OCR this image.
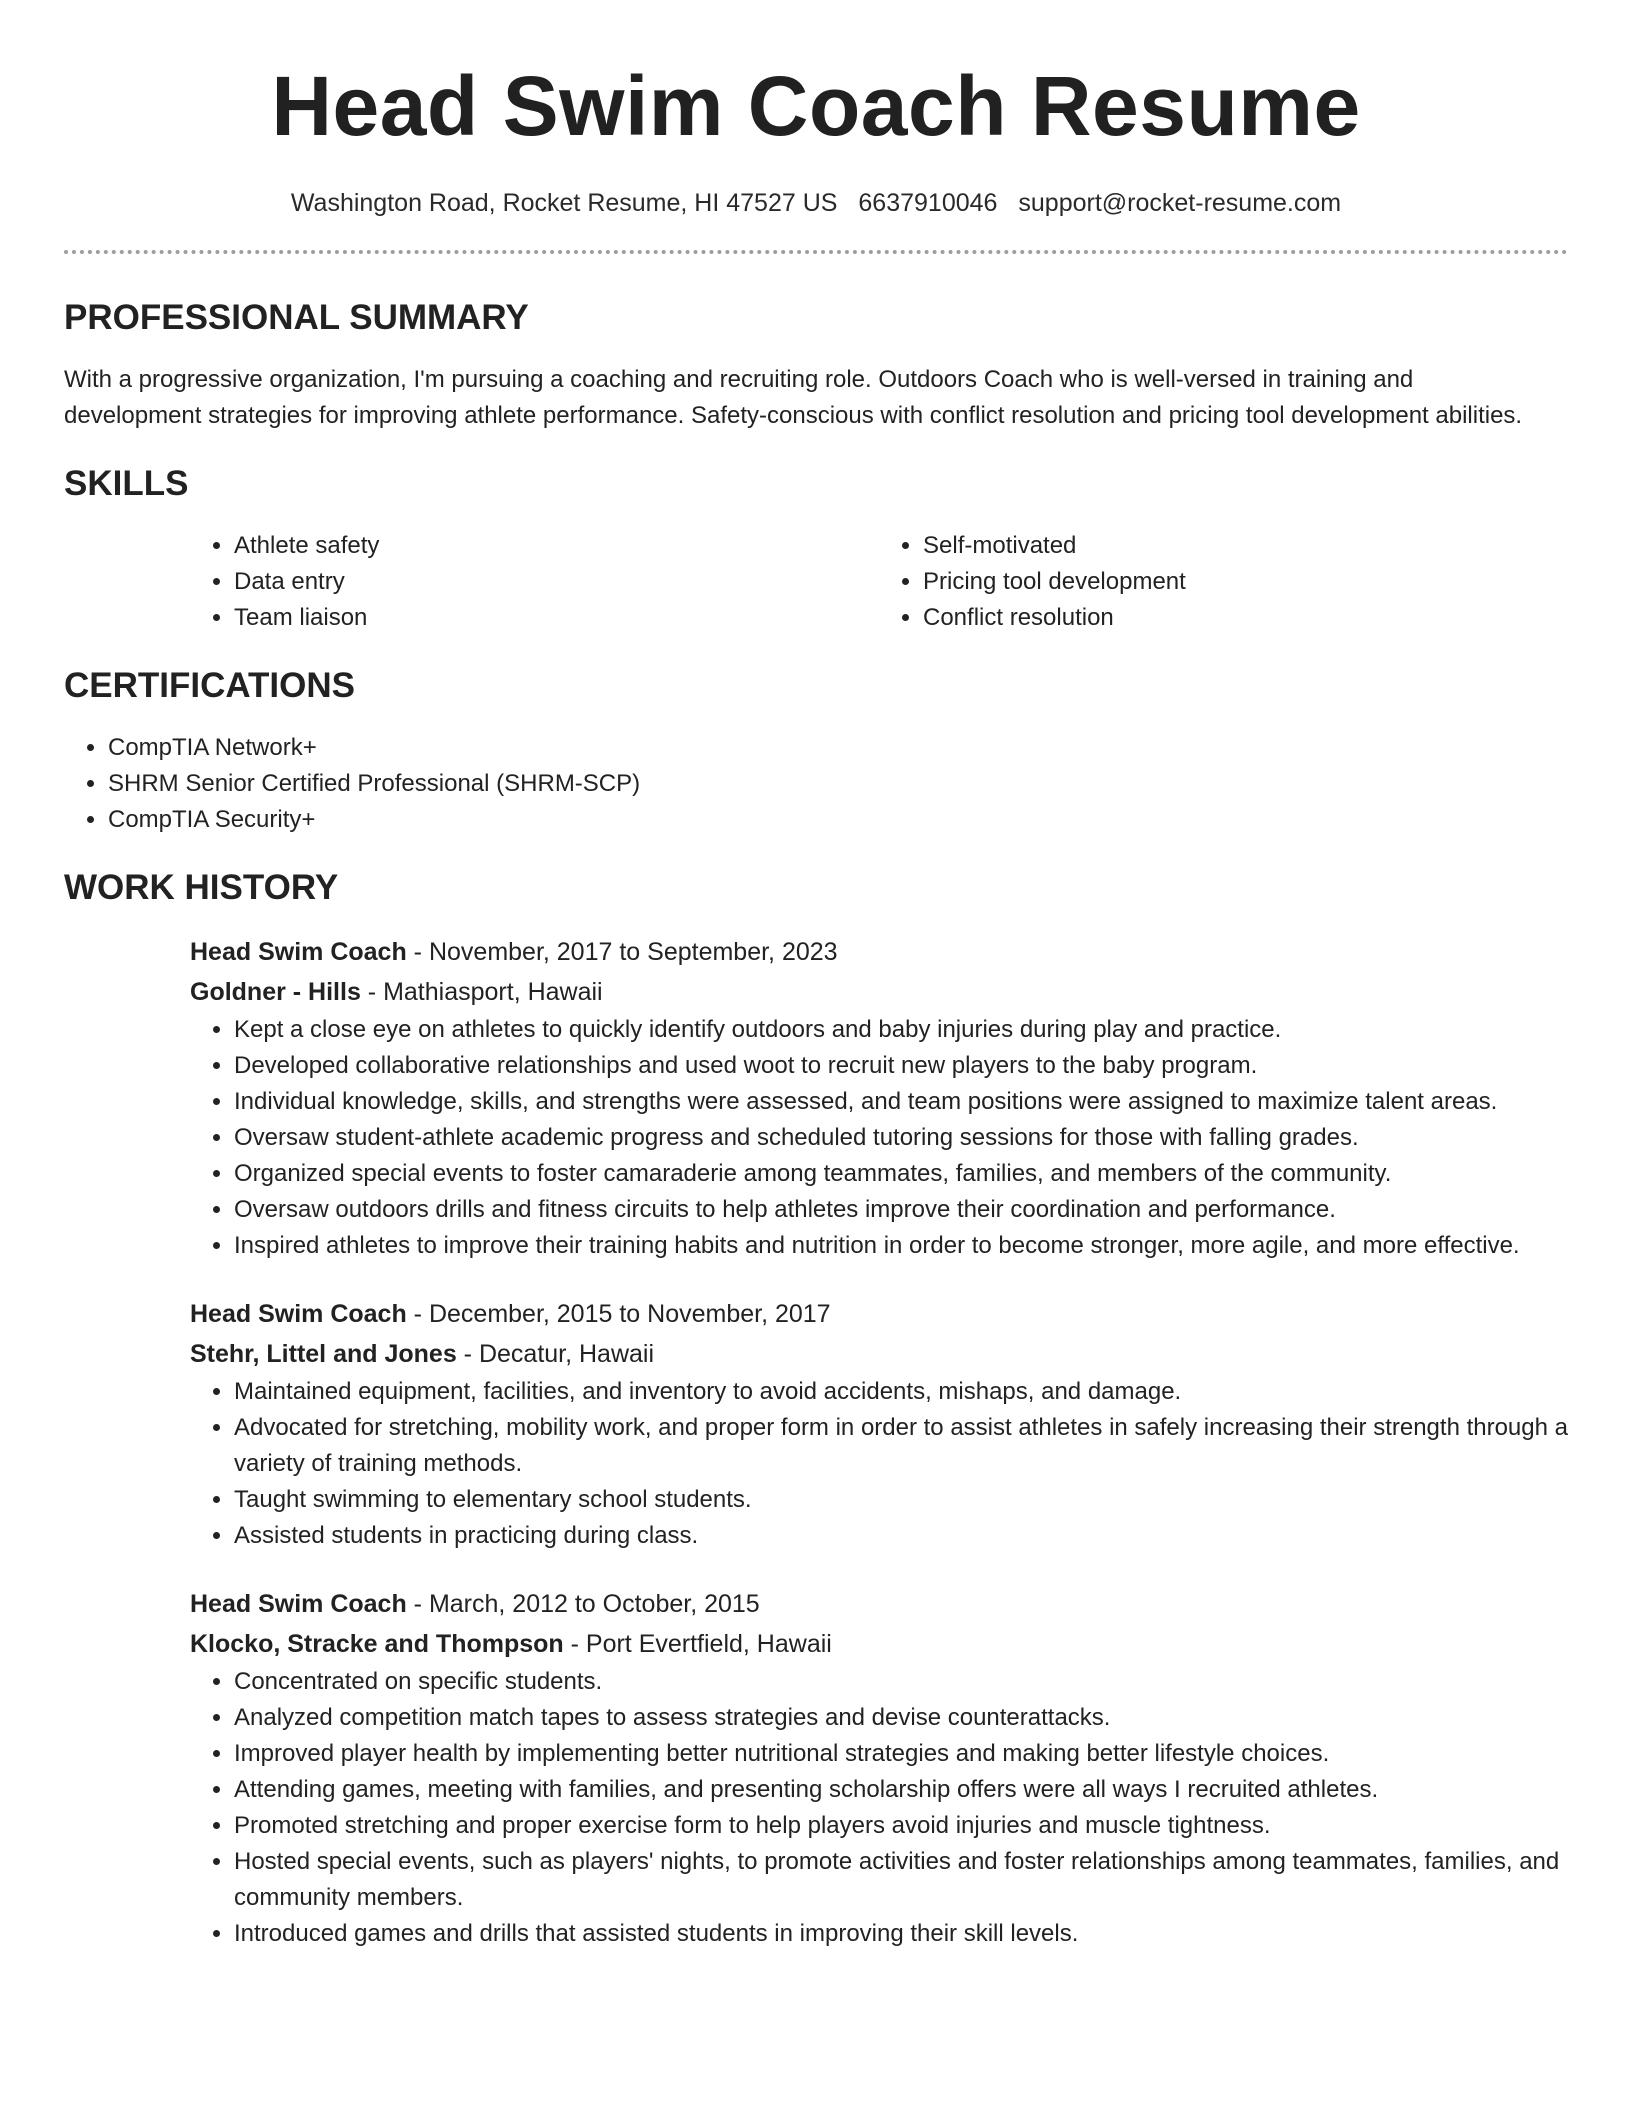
Head Swim Coach Resume
Washington Road, Rocket Resume, HI 47527 US 6637910046 support@rocket-resume.com
PROFESSIONAL SUMMARY

With a progressive organization, I'm pursuing a coaching and recruiting role. Outdoors Coach who is well-versed in training and development strategies for improving athlete performance. Safety-conscious with conflict resolution and pricing tool development abilities.

SKILLS
• Athlete safety
• Data entry
• Team liaison
• Self-motivated
• Pricing tool development
• Conflict resolution
CERTIFICATIONS
• CompTIA Network+
• SHRM Senior Certified Professional (SHRM-SCP)
• CompTIA Security+
WORK HISTORY

Head Swim Coach - November, 2017 to September, 2023

Goldner - Hills - Mathiasport, Hawaii

• Kept a close eye on athletes to quickly identify outdoors and baby injuries during play and practice.
• Developed collaborative relationships and used woot to recruit new players to the baby program.
• Individual knowledge, skills, and strengths were assessed, and team positions were assigned to maximize talent areas.
• Oversaw student-athlete academic progress and scheduled tutoring sessions for those with falling grades.
• Organized special events to foster camaraderie among teammates, families, and members of the community.
• Oversaw outdoors drills and fitness circuits to help athletes improve their coordination and performance.
• Inspired athletes to improve their training habits and nutrition in order to become stronger, more agile, and more effective.

Head Swim Coach - December, 2015 to November, 2017

Stehr, Littel and Jones - Decatur, Hawaii

• Maintained equipment, facilities, and inventory to avoid accidents, mishaps, and damage.
• Advocated for stretching, mobility work, and proper form in order to assist athletes in safely increasing their strength through a variety of training methods.
• Taught swimming to elementary school students.
• Assisted students in practicing during class.

Head Swim Coach - March, 2012 to October, 2015

Klocko, Stracke and Thompson - Port Evertfield, Hawaii

• Concentrated on specific students.
• Analyzed competition match tapes to assess strategies and devise counterattacks.
• Improved player health by implementing better nutritional strategies and making better lifestyle choices.
• Attending games, meeting with families, and presenting scholarship offers were all ways I recruited athletes.
• Promoted stretching and proper exercise form to help players avoid injuries and muscle tightness.
• Hosted special events, such as players' nights, to promote activities and foster relationships among teammates, families, and community members.
• Introduced games and drills that assisted students in improving their skill levels.
